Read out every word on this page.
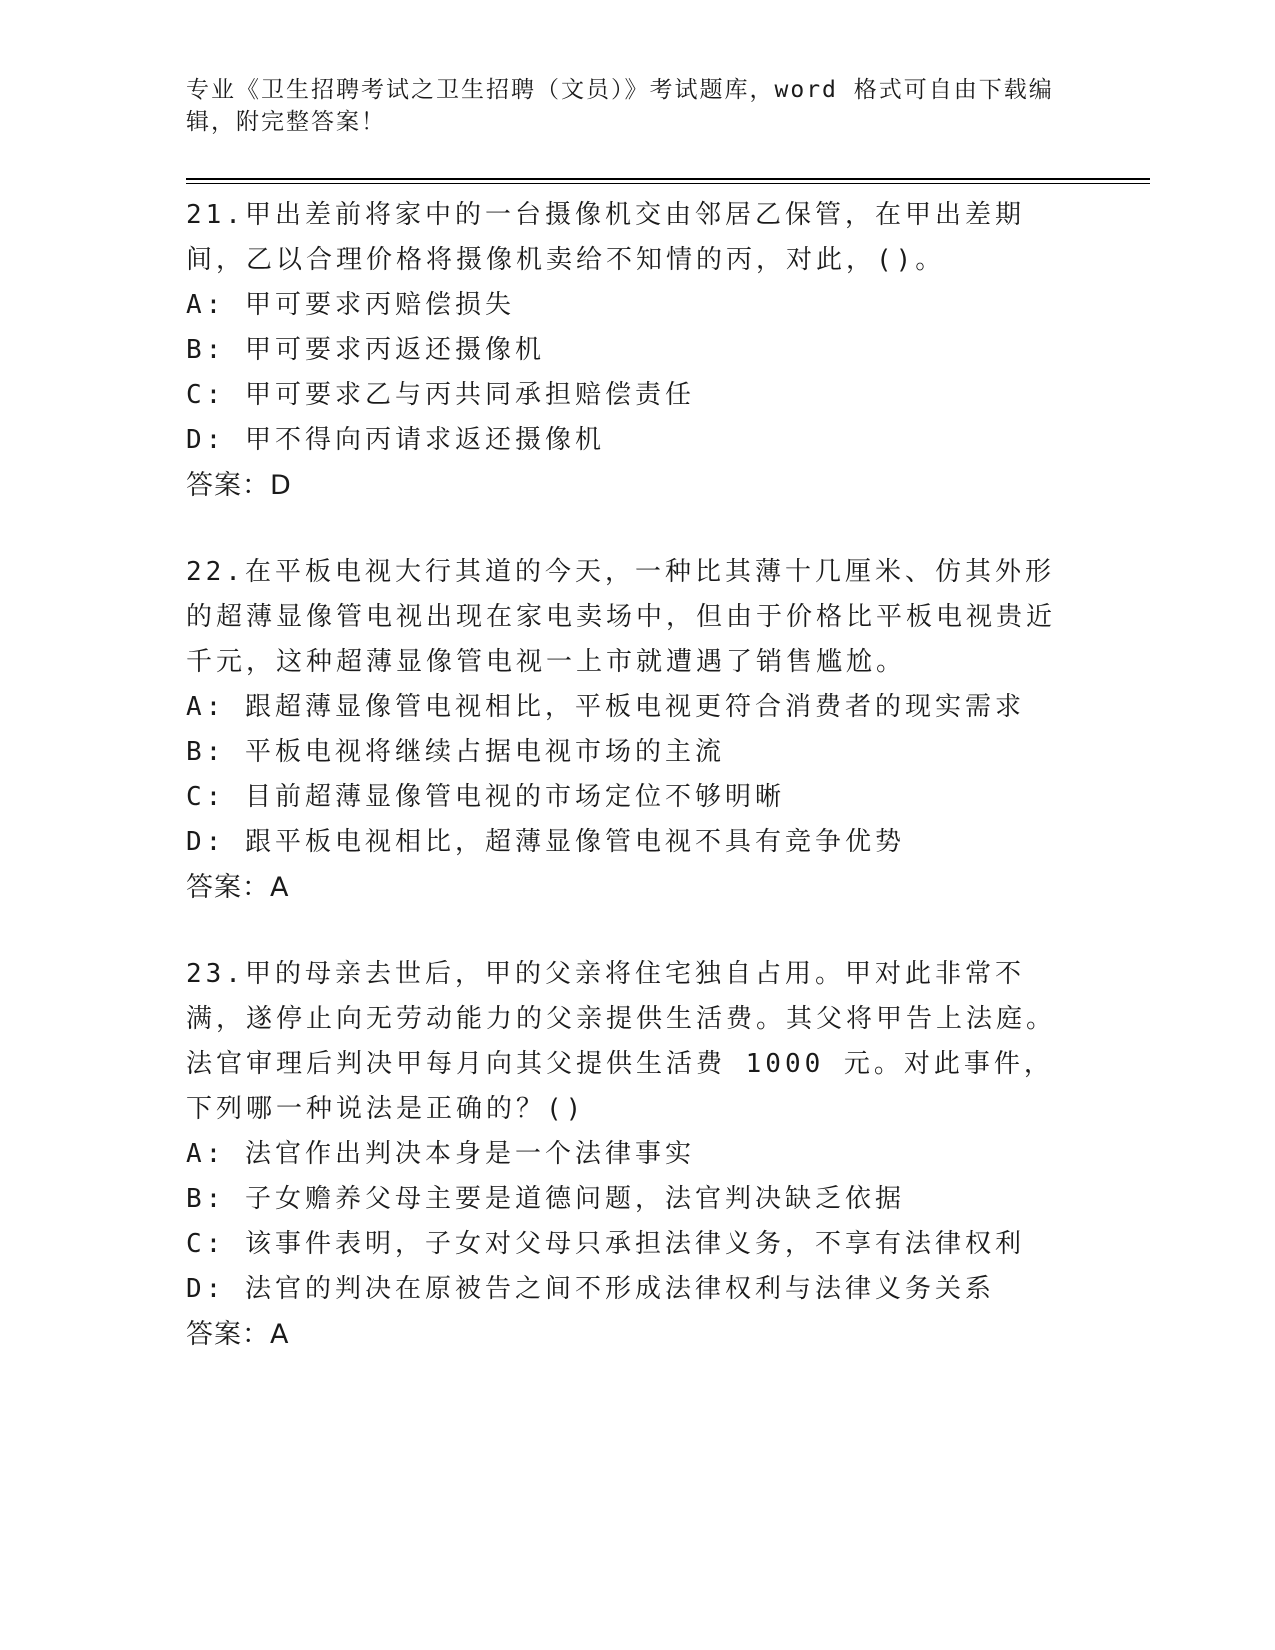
专业《卫生招聘考试之卫生招聘（文员）》考试题库，word 格式可自由下载编辑，附完整答案！
21.甲出差前将家中的一台摄像机交由邻居乙保管，在甲出差期间，乙以合理价格将摄像机卖给不知情的丙，对此，()。
A: 甲可要求丙赔偿损失
B: 甲可要求丙返还摄像机
C: 甲可要求乙与丙共同承担赔偿责任
D: 甲不得向丙请求返还摄像机
答案：D
22.在平板电视大行其道的今天，一种比其薄十几厘米、仿其外形的超薄显像管电视出现在家电卖场中，但由于价格比平板电视贵近千元，这种超薄显像管电视一上市就遭遇了销售尴尬。
A: 跟超薄显像管电视相比，平板电视更符合消费者的现实需求
B: 平板电视将继续占据电视市场的主流
C: 目前超薄显像管电视的市场定位不够明晰
D: 跟平板电视相比，超薄显像管电视不具有竞争优势
答案：A
23.甲的母亲去世后，甲的父亲将住宅独自占用。甲对此非常不满，遂停止向无劳动能力的父亲提供生活费。其父将甲告上法庭。法官审理后判决甲每月向其父提供生活费 1000 元。对此事件，下列哪一种说法是正确的？()
A: 法官作出判决本身是一个法律事实
B: 子女赡养父母主要是道德问题，法官判决缺乏依据
C: 该事件表明，子女对父母只承担法律义务，不享有法律权利
D: 法官的判决在原被告之间不形成法律权利与法律义务关系
答案：A
